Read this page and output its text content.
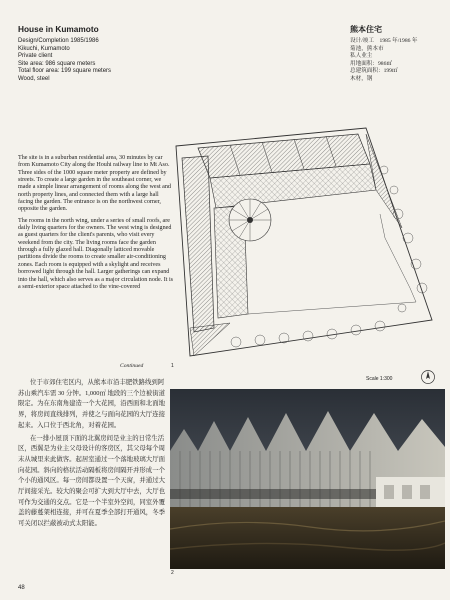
House in Kumamoto

Design/Completion 1985/1986

Kikuchi, Kumamoto

Private client

Site area: 986 square meters

Total floor area: 199 square meters

Wood, steel

熊本住宅

设计/竣工　1985 年/1986 年

菊池，熊本市

私人业主

用地面积：986㎡

总建筑面积：199㎡

木材，钢

The site is in a suburban residential area, 30 minutes by car from Kumamoto City along the Houhi railway line to Mt Aso. Three sides of the 1000 square meter property are defined by streets. To create a large garden in the southeast corner, we made a simple linear arrangement of rooms along the west and north property lines, and connected them with a large hall facing the garden. The entrance is on the northwest corner, opposite the garden.

The rooms in the north wing, under a series of small roofs, are daily living quarters for the owners. The west wing is designed as guest quarters for the client's parents, who visit every weekend from the city. The living rooms face the garden through a fully glazed hall. Diagonally latticed movable partitions divide the rooms to create smaller air-conditioning zones. Each room is equipped with a skylight and receives borrowed light through the hall. Larger gatherings can expand into the hall, which also serves as a major circulation node. It is a semi-exterior space attached to the vine-covered

Continued

位于市郊住宅区内，从熊本市沿丰肥铁路线到阿苏山乘汽车需 30 分钟。1,000㎡ 地段的三个边被街道限定。为在东南角建造一个大花园，沿西面和北面地界，将房间直线排列，并使之与面向花园的大厅连接起来。入口位于西北角，对着花园。

在一排小屋顶下面的北翼房间是业主的日常生活区，西翼是为业主父母设计的客房区，其父母每个周末从城里来此做客。起居室通过一个落地玻璃大厅面向花园。斜向的格状活动隔板将房间隔开并形成一个个小的通风区。每一房间都设置一个天窗，并通过大厅间接采光。较大的聚会可扩大到大厅中去，大厅也可作为交通的交点。它是一个半室外空间，同室外覆盖的藤蔓架相连接，并可在夏季全部打开通风，冬季可关闭以拦蔽被动式太阳能。

1
Scale 1:300
2
48
